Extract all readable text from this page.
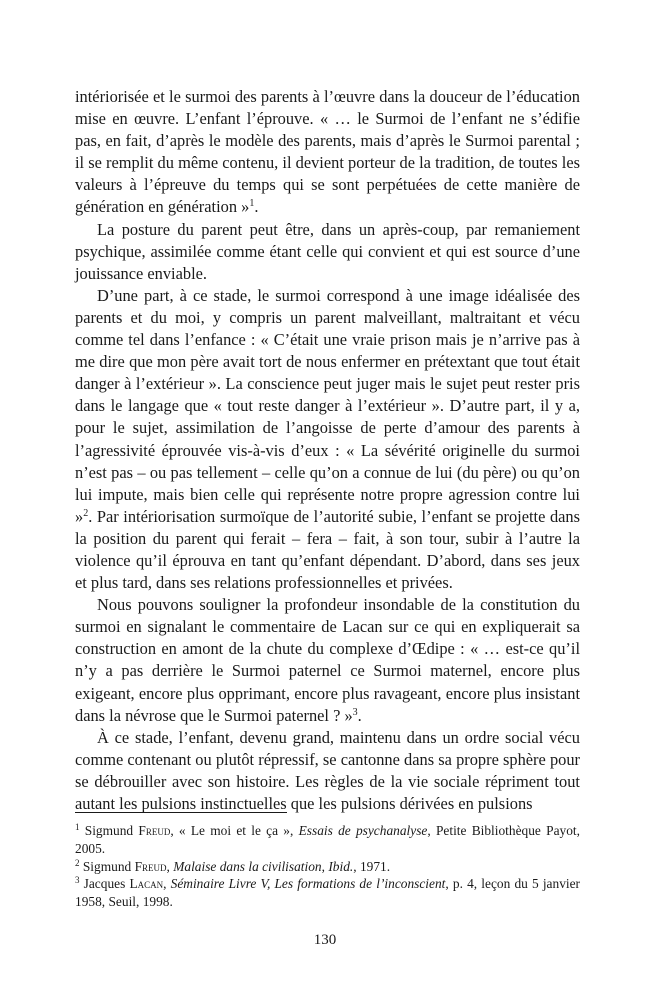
intériorisée et le surmoi des parents à l’œuvre dans la douceur de l’éducation mise en œuvre. L’enfant l’éprouve. « … le Surmoi de l’enfant ne s’édifie pas, en fait, d’après le modèle des parents, mais d’après le Surmoi parental ; il se remplit du même contenu, il devient porteur de la tradition, de toutes les valeurs à l’épreuve du temps qui se sont perpétuées de cette manière de génération en génération »$^1$.

La posture du parent peut être, dans un après-coup, par remaniement psychique, assimilée comme étant celle qui convient et qui est source d’une jouissance enviable.

D’une part, à ce stade, le surmoi correspond à une image idéalisée des parents et du moi, y compris un parent malveillant, maltraitant et vécu comme tel dans l’enfance : « C’était une vraie prison mais je n’arrive pas à me dire que mon père avait tort de nous enfermer en prétextant que tout était danger à l’extérieur ». La conscience peut juger mais le sujet peut rester pris dans le langage que « tout reste danger à l’extérieur ». D’autre part, il y a, pour le sujet, assimilation de l’angoisse de perte d’amour des parents à l’agressivité éprouvée vis-à-vis d’eux : « La sévérité originelle du surmoi n’est pas – ou pas tellement – celle qu’on a connue de lui (du père) ou qu’on lui impute, mais bien celle qui représente notre propre agression contre lui »$^2$. Par intériorisation surmoïque de l’autorité subie, l’enfant se projette dans la position du parent qui ferait – fera – fait, à son tour, subir à l’autre la violence qu’il éprouva en tant qu’enfant dépendant. D’abord, dans ses jeux et plus tard, dans ses relations professionnelles et privées.

Nous pouvons souligner la profondeur insondable de la constitution du surmoi en signalant le commentaire de Lacan sur ce qui en expliquerait sa construction en amont de la chute du complexe d’Œdipe : « … est-ce qu’il n’y a pas derrière le Surmoi paternel ce Surmoi maternel, encore plus exigeant, encore plus opprimant, encore plus ravageant, encore plus insistant dans la névrose que le Surmoi paternel ? »$^3$.

À ce stade, l’enfant, devenu grand, maintenu dans un ordre social vécu comme contenant ou plutôt répressif, se cantonne dans sa propre sphère pour se débrouiller avec son histoire. Les règles de la vie sociale répriment tout autant les pulsions instinctuelles que les pulsions dérivées en pulsions

$^1$ Sigmund Freud, « Le moi et le ça », Essais de psychanalyse, Petite Bibliothèque Payot, 2005.

$^2$ Sigmund Freud, Malaise dans la civilisation, Ibid., 1971.

$^3$ Jacques Lacan, Séminaire Livre V, Les formations de l’inconscient, p. 4, leçon du 5 janvier 1958, Seuil, 1998.

130
